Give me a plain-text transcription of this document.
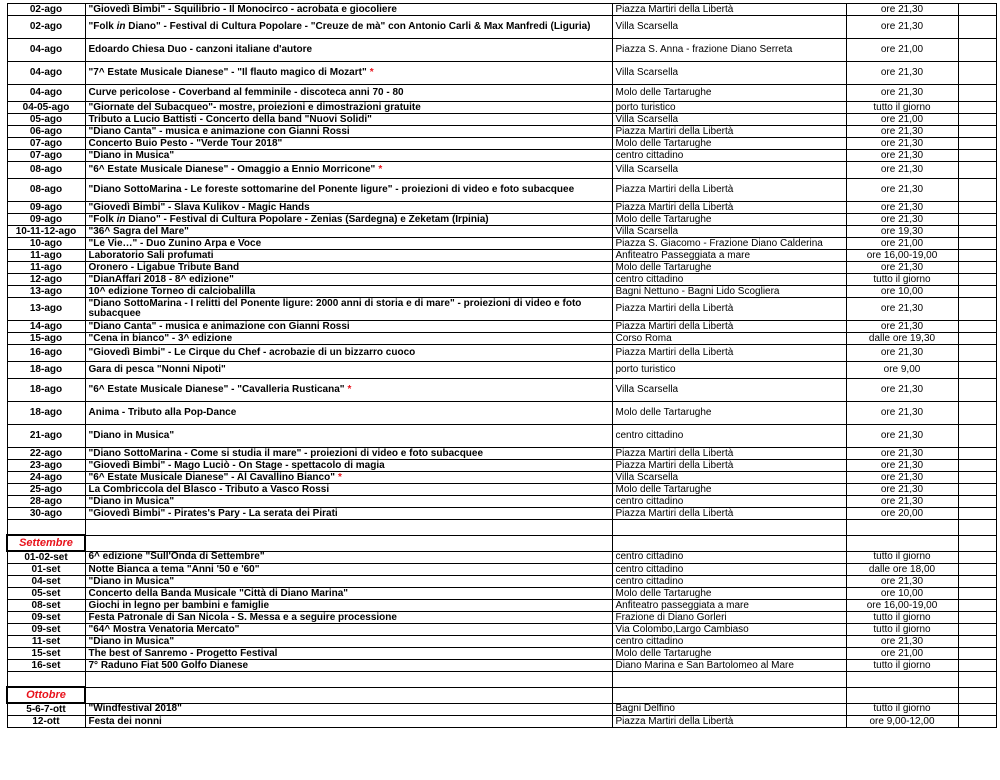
02-ago	"Giovedì Bimbi" - Squilibrio - Il Monocirco - acrobata e giocoliere	Piazza Martiri della Libertà	ore 21,30	
02-ago	"Folk in Diano" - Festival di Cultura Popolare - "Creuze de mà" con Antonio Carli & Max Manfredi (Liguria)	Villa Scarsella	ore 21,30	
04-ago	Edoardo Chiesa Duo - canzoni italiane d'autore	Piazza S. Anna - frazione Diano Serreta	ore 21,00	
04-ago	"7^ Estate Musicale Dianese" - "Il flauto magico di Mozart" *	Villa Scarsella	ore 21,30	
04-ago	Curve pericolose - Coverband al femminile - discoteca anni 70 - 80	Molo delle Tartarughe	ore 21,30	
04-05-ago	"Giornate del Subacqueo"- mostre, proiezioni e dimostrazioni gratuite	porto turistico	tutto il giorno	
05-ago	Tributo a Lucio Battisti - Concerto della band "Nuovi Solidi"	Villa Scarsella	ore 21,00	
06-ago	"Diano Canta" - musica e animazione con Gianni Rossi	Piazza Martiri della Libertà	ore 21,30	
07-ago	Concerto Buio Pesto - "Verde Tour 2018"	Molo delle Tartarughe	ore 21,30	
07-ago	"Diano in Musica"	centro cittadino	ore 21,30	
08-ago	"6^ Estate Musicale Dianese" - Omaggio a Ennio Morricone" *	Villa Scarsella	ore 21,30	
08-ago	"Diano SottoMarina - Le foreste sottomarine del Ponente ligure" - proiezioni di video e foto subacquee	Piazza Martiri della Libertà	ore 21,30	
09-ago	"Giovedì Bimbi" - Slava Kulikov - Magic Hands	Piazza Martiri della Libertà	ore 21,30	
09-ago	"Folk in Diano" - Festival di Cultura Popolare - Zenias (Sardegna) e Zeketam (Irpinia)	Molo delle Tartarughe	ore 21,30	
10-11-12-ago	"36^ Sagra del Mare"	Villa Scarsella	ore 19,30	
10-ago	"Le Vie…" - Duo Zunino Arpa e Voce	Piazza S. Giacomo - Frazione Diano Calderina	ore 21,00	
11-ago	Laboratorio Sali profumati	Anfiteatro Passeggiata a mare	ore 16,00-19,00	
11-ago	Oronero - Ligabue Tribute Band	Molo delle Tartarughe	ore 21,30	
12-ago	"DianAffari 2018 - 8^ edizione"	centro cittadino	tutto il giorno	
13-ago	10^ edizione Torneo di calciobalilla	Bagni Nettuno - Bagni Lido Scogliera	ore 10,00	
13-ago	"Diano SottoMarina - I relitti del Ponente ligure: 2000 anni di storia e di mare" - proiezioni di video e foto subacquee	Piazza Martiri della Libertà	ore 21,30	
14-ago	"Diano Canta" - musica e animazione con Gianni Rossi	Piazza Martiri della Libertà	ore 21,30	
15-ago	"Cena in bianco" - 3^ edizione	Corso Roma	dalle ore 19,30	
16-ago	"Giovedì Bimbi" - Le Cirque du Chef - acrobazie di un bizzarro cuoco	Piazza Martiri della Libertà	ore 21,30	
18-ago	Gara di pesca "Nonni Nipoti"	porto turistico	ore 9,00	
18-ago	"6^ Estate Musicale Dianese" - "Cavalleria Rusticana" *	Villa Scarsella	ore 21,30	
18-ago	Anima - Tributo alla Pop-Dance	Molo delle Tartarughe	ore 21,30	
21-ago	"Diano in Musica"	centro cittadino	ore 21,30	
22-ago	"Diano SottoMarina - Come si studia il mare" - proiezioni di video e foto subacquee	Piazza Martiri della Libertà	ore 21,30	
23-ago	"Giovedì Bimbi" - Mago Luciò - On Stage - spettacolo di magia	Piazza Martiri della Libertà	ore 21,30	
24-ago	"6^ Estate Musicale Dianese" - Al Cavallino Bianco" *	Villa Scarsella	ore 21,30	
25-ago	La Combriccola del Blasco - Tributo a Vasco Rossi	Molo delle Tartarughe	ore 21,30	
28-ago	"Diano in Musica"	centro cittadino	ore 21,30	
30-ago	"Giovedì Bimbi" - Pirates's Pary - La serata dei Pirati	Piazza Martiri della Libertà	ore 20,00	

Settembre				
01-02-set	6^ edizione "Sull'Onda di Settembre"	centro cittadino	tutto il giorno	
01-set	Notte Bianca a tema "Anni '50 e '60"	centro cittadino	dalle ore 18,00	
04-set	"Diano in Musica"	centro cittadino	ore 21,30	
05-set	Concerto della Banda Musicale "Città di Diano Marina"	Molo delle Tartarughe	ore 10,00	
08-set	Giochi in legno per bambini e famiglie	Anfiteatro passeggiata a mare	ore 16,00-19,00	
09-set	Festa Patronale di San Nicola - S. Messa e a seguire processione	Frazione di Diano Gorleri	tutto il giorno	
09-set	"64^ Mostra Venatoria Mercato"	Via Colombo,Largo Cambiaso	tutto il giorno	
11-set	"Diano in Musica"	centro cittadino	ore 21,30	
15-set	The best of Sanremo - Progetto Festival	Molo delle Tartarughe	ore 21,00	
16-set	7° Raduno Fiat 500 Golfo Dianese	Diano Marina e San Bartolomeo al Mare	tutto il giorno	

Ottobre				
5-6-7-ott	"Windfestival 2018"	Bagni Delfino	tutto il giorno	
12-ott	Festa dei nonni	Piazza Martiri della Libertà	ore 9,00-12,00	
